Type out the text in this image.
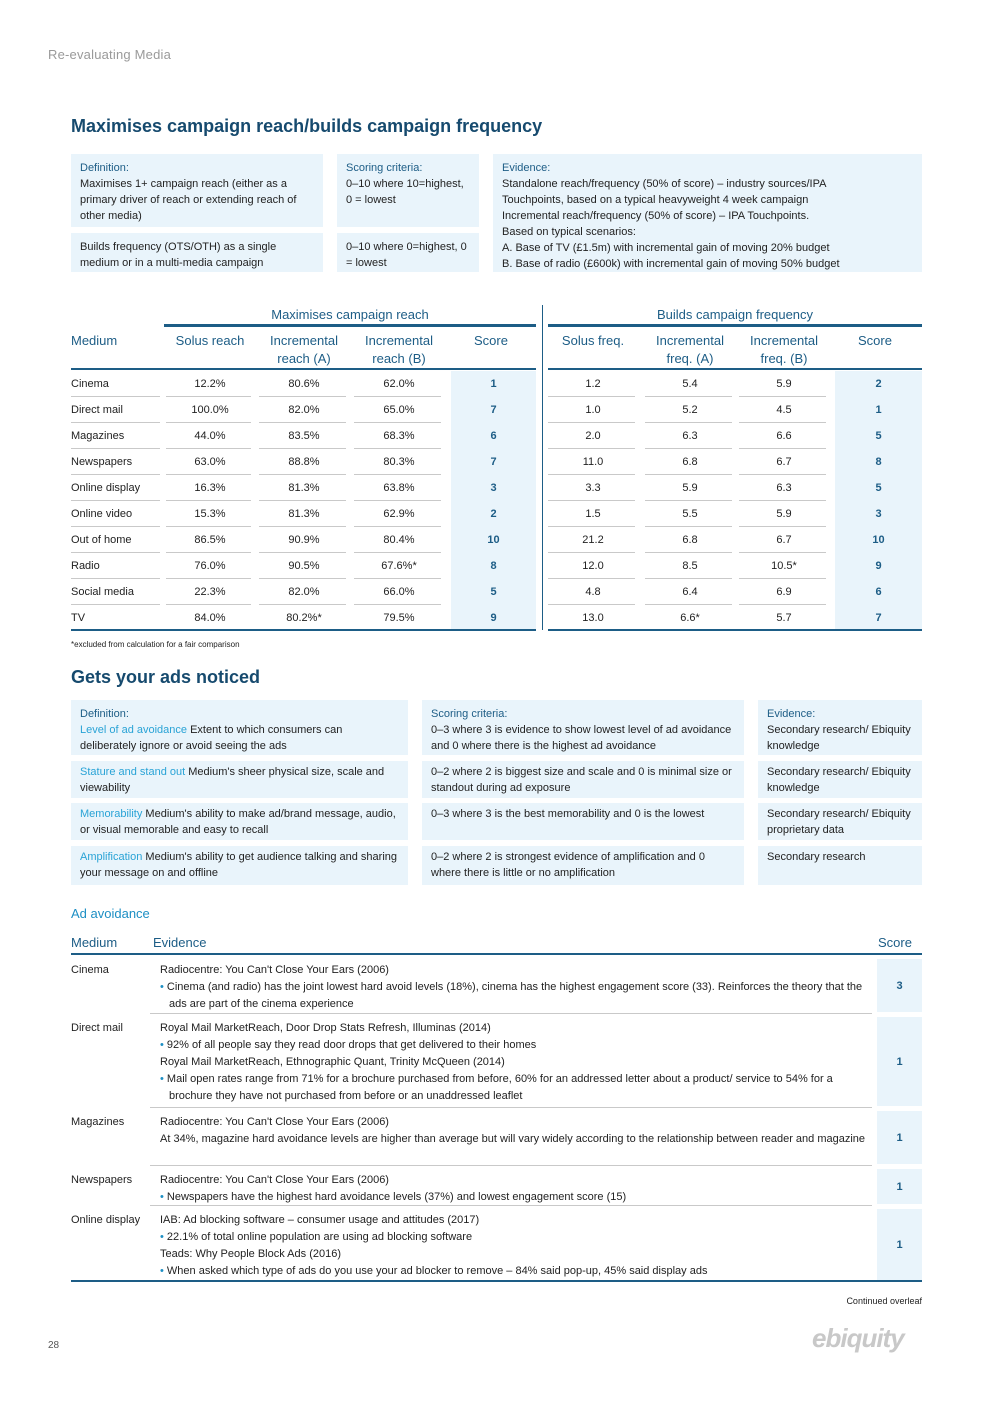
Re-evaluating Media
Maximises campaign reach/builds campaign frequency
Definition:
Maximises 1+ campaign reach (either as a primary driver of reach or extending reach of other media)
Builds frequency (OTS/OTH) as a single medium or in a multi-media campaign
Scoring criteria:
0–10 where 10=highest, 0 = lowest
0–10 where 0=highest, 0 = lowest
Evidence:
Standalone reach/frequency (50% of score) – industry sources/IPA
Touchpoints, based on a typical heavyweight 4 week campaign
Incremental reach/frequency (50% of score) – IPA Touchpoints.
Based on typical scenarios:
A. Base of TV (£1.5m) with incremental gain of moving 20% budget
B. Base of radio (£600k) with incremental gain of moving 50% budget
Maximises campaign reach	Builds campaign frequency
Medium	Solus reach	Incremental reach (A)
Incremental reach (B)
Score	Solus freq.	Incremental freq. (A)
Incremental freq. (B)
Score
Cinema	12.2%	80.6%	62.0%	1	1.2	5.4	5.9	2
Direct mail	100.0%	82.0%	65.0%	7	1.0	5.2	4.5	1
Magazines	44.0%	83.5%	68.3%	6	2.0	6.3	6.6	5
Newspapers	63.0%	88.8%	80.3%	7	11.0	6.8	6.7	8
Online display	16.3%	81.3%	63.8%	3	3.3	5.9	6.3	5
Online video	15.3%	81.3%	62.9%	2	1.5	5.5	5.9	3
Out of home	86.5%	90.9%	80.4%	10	21.2	6.8	6.7	10
Radio	76.0%	90.5%	67.6%*	8	12.0	8.5	10.5*	9
Social media	22.3%	82.0%	66.0%	5	4.8	6.4	6.9	6
TV	84.0%	80.2%*	79.5%	9	13.0	6.6*	5.7	7
*excluded from calculation for a fair comparison
Gets your ads noticed
Definition:
Level of ad avoidance Extent to which consumers can deliberately ignore or avoid seeing the ads
Scoring criteria:
0–3 where 3 is evidence to show lowest level of ad avoidance and 0 where there is the highest ad avoidance
Evidence:
Secondary research/ Ebiquity knowledge
Stature and stand out Medium's sheer physical size, scale and viewability
0–2 where 2 is biggest size and scale and 0 is minimal size or standout during ad exposure
Secondary research/ Ebiquity knowledge
Memorability Medium's ability to make ad/brand message, audio, or visual memorable and easy to recall
0–3 where 3 is the best memorability and 0 is the lowest	Secondary research/ Ebiquity proprietary data
Amplification Medium's ability to get audience talking and sharing your message on and offline
0–2 where 2 is strongest evidence of amplification and 0 where there is little or no amplification
Secondary research
Ad avoidance
Medium	Evidence	Score
Cinema	Radiocentre: You Can't Close Your Ears (2006)
• Cinema (and radio) has the joint lowest hard avoid levels (18%), cinema has the highest engagement score (33). Reinforces the theory that the ads are part of the cinema experience
3
Direct mail	Royal Mail MarketReach, Door Drop Stats Refresh, Illuminas (2014)
• 92% of all people say they read door drops that get delivered to their homes
Royal Mail MarketReach, Ethnographic Quant, Trinity McQueen (2014)
• Mail open rates range from 71% for a brochure purchased from before, 60% for an addressed letter about a product/ service to 54% for a brochure they have not purchased from before or an unaddressed leaflet
1
Magazines	Radiocentre: You Can't Close Your Ears (2006)
At 34%, magazine hard avoidance levels are higher than average but will vary widely according to the relationship between reader and magazine	1
Newspapers	Radiocentre: You Can't Close Your Ears (2006)
• Newspapers have the highest hard avoidance levels (37%) and lowest engagement score (15)
1
Online display	IAB: Ad blocking software – consumer usage and attitudes (2017)
• 22.1% of total online population are using ad blocking software
Teads: Why People Block Ads (2016)
• When asked which type of ads do you use your ad blocker to remove – 84% said pop-up, 45% said display ads
1
Continued overleaf
28	ebiquity
